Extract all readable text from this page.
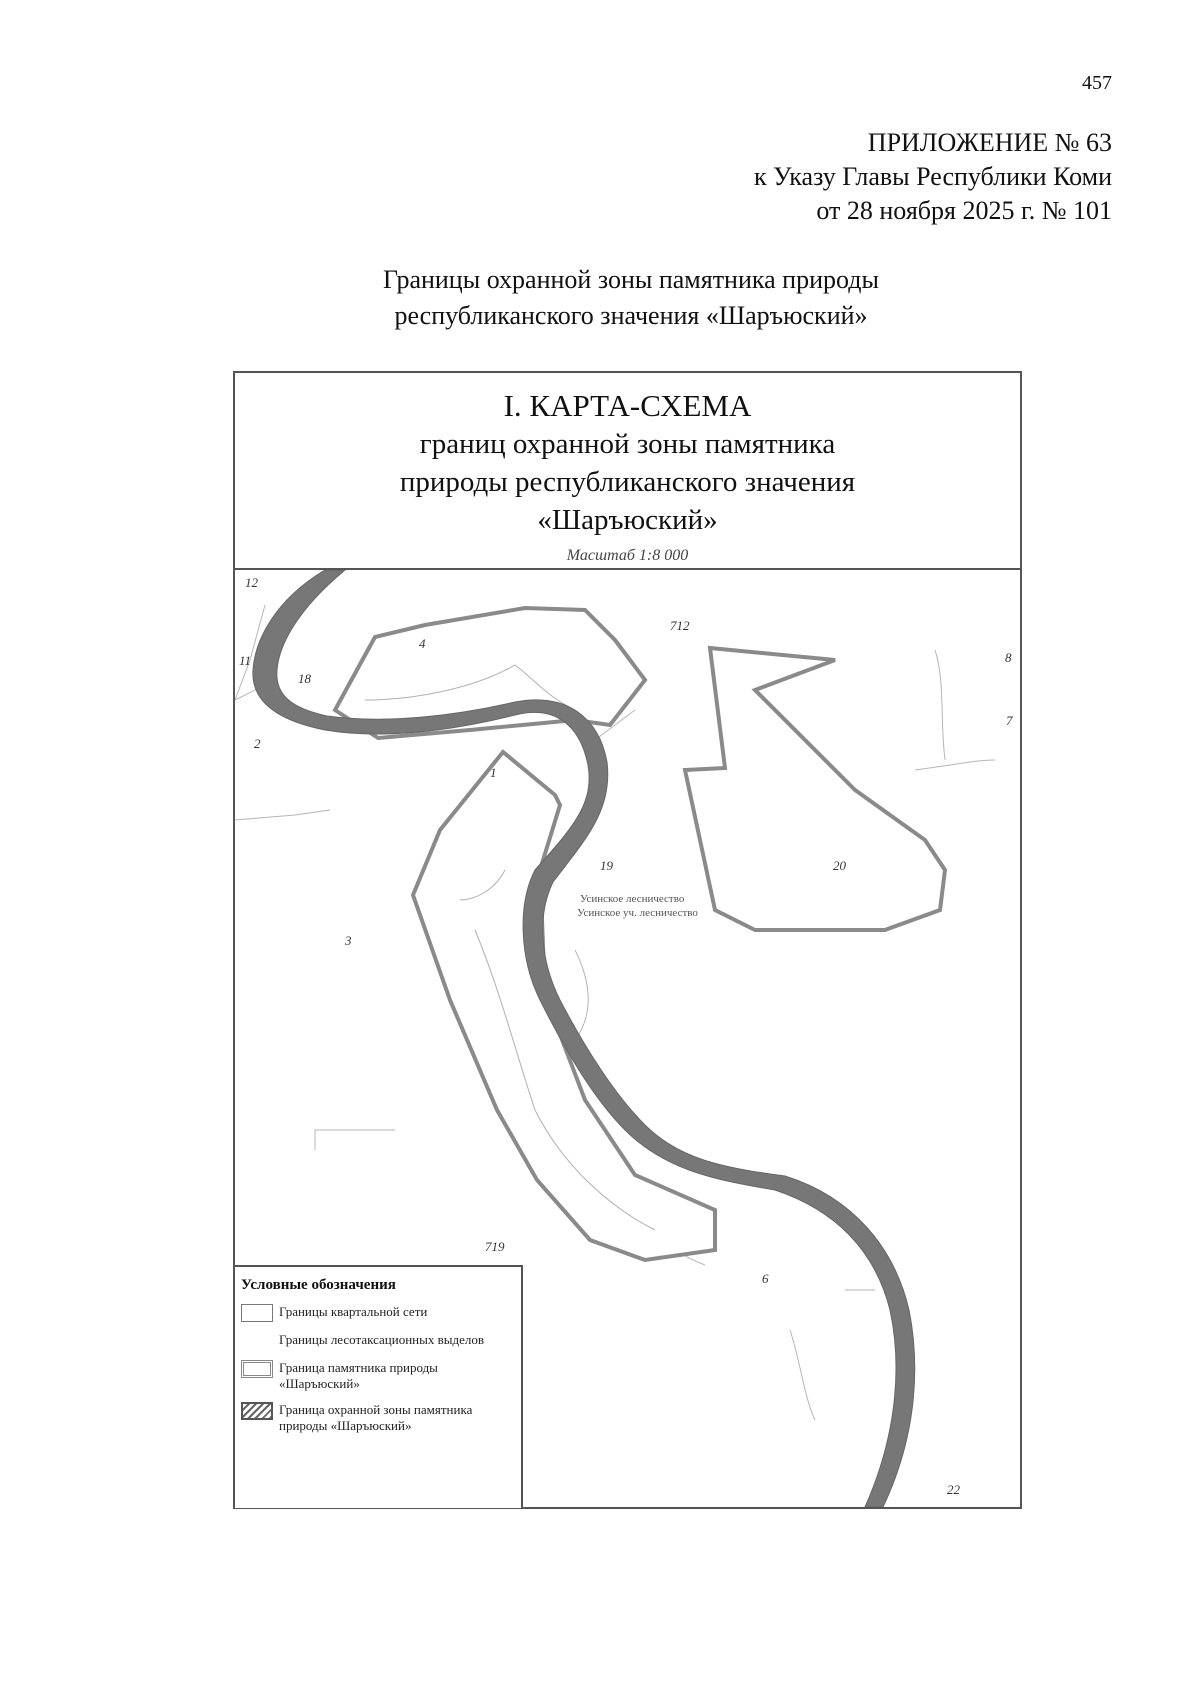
457
ПРИЛОЖЕНИЕ № 63
к Указу Главы Республики Коми
от 28 ноября 2025 г. № 101
Границы охранной зоны памятника природы
республиканского значения «Шаръюский»
I. КАРТА-СХЕМА
границ охранной зоны памятника
природы республиканского значения
«Шаръюский»
Масштаб 1:8 000
712
719
4
12
11
18
2
3
1
19	20
8
7
6
22
Усинское лесничество
Усинское уч. лесничество
Условные обозначения
Границы квартальной сети
Границы лесотаксационных выделов
Граница памятника природы «Шаръюский»
Граница охранной зоны памятника природы «Шаръюский»
